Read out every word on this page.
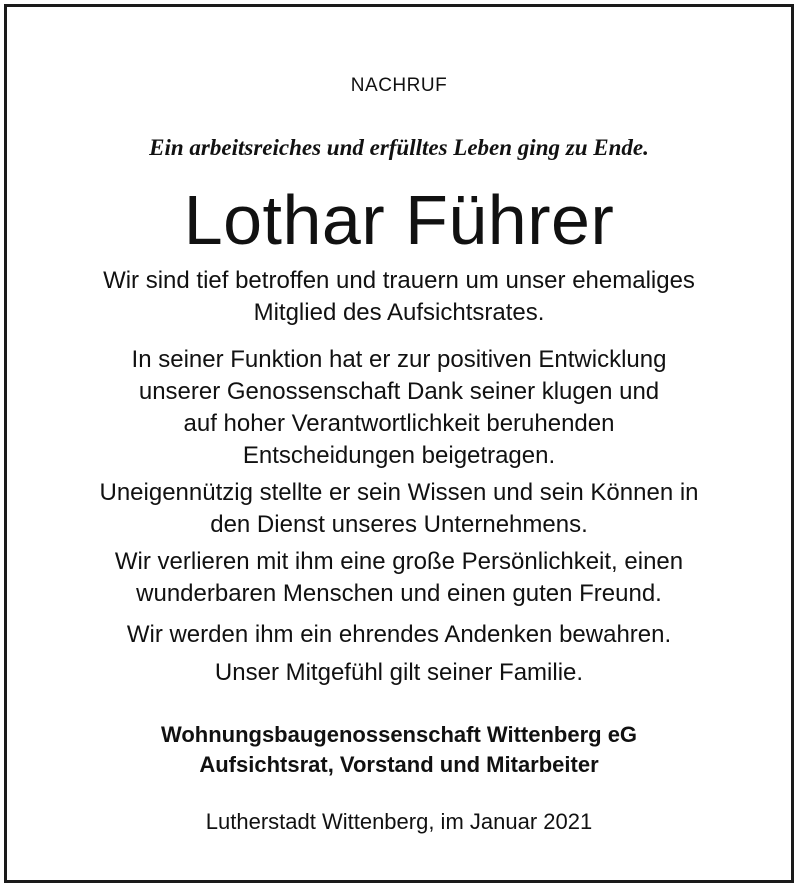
NACHRUF
Ein arbeitsreiches und erfülltes Leben ging zu Ende.
Lothar Führer
Wir sind tief betroffen und trauern um unser ehemaliges
Mitglied des Aufsichtsrates.
In seiner Funktion hat er zur positiven Entwicklung
unserer Genossenschaft Dank seiner klugen und
auf hoher Verantwortlichkeit beruhenden
Entscheidungen beigetragen.
Uneigennützig stellte er sein Wissen und sein Können in
den Dienst unseres Unternehmens.
Wir verlieren mit ihm eine große Persönlichkeit, einen
wunderbaren Menschen und einen guten Freund.
Wir werden ihm ein ehrendes Andenken bewahren.
Unser Mitgefühl gilt seiner Familie.
Wohnungsbaugenossenschaft Wittenberg eG
Aufsichtsrat, Vorstand und Mitarbeiter
Lutherstadt Wittenberg, im Januar 2021
